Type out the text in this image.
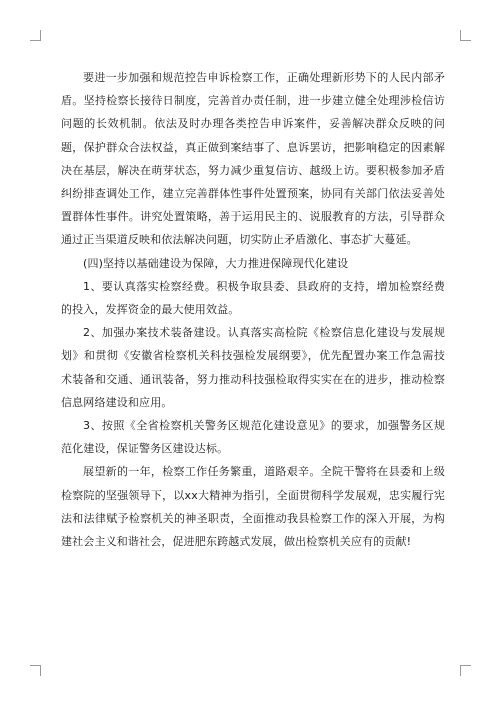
要进一步加强和规范控告申诉检察工作，正确处理新形势下的人民内部矛盾。坚持检察长接待日制度，完善首办责任制，进一步建立健全处理涉检信访问题的长效机制。依法及时办理各类控告申诉案件，妥善解决群众反映的问题，保护群众合法权益，真正做到案结事了、息诉罢访，把影响稳定的因素解决在基层，解决在萌芽状态，努力减少重复信访、越级上访。要积极参加矛盾纠纷排查调处工作，建立完善群体性事件处置预案，协同有关部门依法妥善处置群体性事件。讲究处置策略，善于运用民主的、说服教育的方法，引导群众通过正当渠道反映和依法解决问题，切实防止矛盾激化、事态扩大蔓延。

(四)坚持以基础建设为保障，大力推进保障现代化建设

1、要认真落实检察经费。积极争取县委、县政府的支持，增加检察经费的投入，发挥资金的最大使用效益。

2、加强办案技术装备建设。认真落实高检院《检察信息化建设与发展规划》和贯彻《安徽省检察机关科技强检发展纲要》，优先配置办案工作急需技术装备和交通、通讯装备，努力推动科技强检取得实实在在的进步，推动检察信息网络建设和应用。

3、按照《全省检察机关警务区规范化建设意见》的要求，加强警务区规范化建设，保证警务区建设达标。

展望新的一年，检察工作任务繁重，道路艰辛。全院干警将在县委和上级检察院的坚强领导下，以xx大精神为指引，全面贯彻科学发展观，忠实履行宪法和法律赋予检察机关的神圣职责，全面推动我县检察工作的深入开展，为构建社会主义和谐社会，促进肥东跨越式发展，做出检察机关应有的贡献!
